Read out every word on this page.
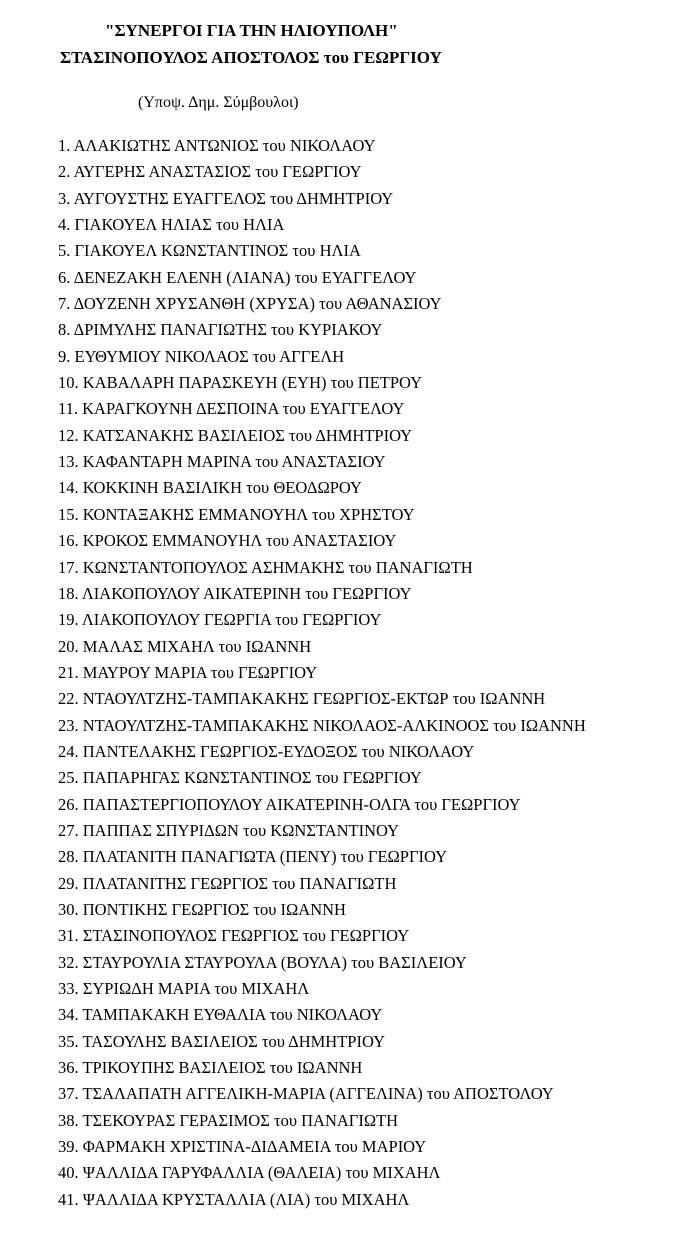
"ΣΥΝΕΡΓΟΙ ΓΙΑ ΤΗΝ ΗΛΙΟΥΠΟΛΗ"
ΣΤΑΣΙΝΟΠΟΥΛΟΣ ΑΠΟΣΤΟΛΟΣ του ΓΕΩΡΓΙΟΥ
(Υποψ. Δημ. Σύμβουλοι)
1. ΑΛΑΚΙΩΤΗΣ ΑΝΤΩΝΙΟΣ του ΝΙΚΟΛΑΟΥ
2. ΑΥΓΕΡΗΣ ΑΝΑΣΤΑΣΙΟΣ του ΓΕΩΡΓΙΟΥ
3. ΑΥΓΟΥΣΤΗΣ ΕΥΑΓΓΕΛΟΣ του ΔΗΜΗΤΡΙΟΥ
4. ΓΙΑΚΟΥΕΛ ΗΛΙΑΣ του ΗΛΙΑ
5. ΓΙΑΚΟΥΕΛ ΚΩΝΣΤΑΝΤΙΝΟΣ του ΗΛΙΑ
6. ΔΕΝΕΖΑΚΗ ΕΛΕΝΗ (ΛΙΑΝΑ) του ΕΥΑΓΓΕΛΟΥ
7. ΔΟΥΖΕΝΗ ΧΡΥΣΑΝΘΗ (ΧΡΥΣΑ) του ΑΘΑΝΑΣΙΟΥ
8. ΔΡΙΜΥΛΗΣ ΠΑΝΑΓΙΩΤΗΣ του ΚΥΡΙΑΚΟΥ
9. ΕΥΘΥΜΙΟΥ ΝΙΚΟΛΑΟΣ του ΑΓΓΕΛΗ
10. ΚΑΒΑΛΑΡΗ ΠΑΡΑΣΚΕΥΗ (ΕΥΗ) του ΠΕΤΡΟΥ
11. ΚΑΡΑΓΚΟΥΝΗ ΔΕΣΠΟΙΝΑ του ΕΥΑΓΓΕΛΟΥ
12. ΚΑΤΣΑΝΑΚΗΣ ΒΑΣΙΛΕΙΟΣ του ΔΗΜΗΤΡΙΟΥ
13. ΚΑΦΑΝΤΑΡΗ ΜΑΡΙΝΑ του ΑΝΑΣΤΑΣΙΟΥ
14. ΚΟΚΚΙΝΗ ΒΑΣΙΛΙΚΗ του ΘΕΟΔΩΡΟΥ
15. ΚΟΝΤΑΞΑΚΗΣ ΕΜΜΑΝΟΥΗΛ του ΧΡΗΣΤΟΥ
16. ΚΡΟΚΟΣ ΕΜΜΑΝΟΥΗΛ του ΑΝΑΣΤΑΣΙΟΥ
17. ΚΩΝΣΤΑΝΤΟΠΟΥΛΟΣ ΑΣΗΜΑΚΗΣ του ΠΑΝΑΓΙΩΤΗ
18. ΛΙΑΚΟΠΟΥΛΟΥ ΑΙΚΑΤΕΡΙΝΗ του ΓΕΩΡΓΙΟΥ
19. ΛΙΑΚΟΠΟΥΛΟΥ ΓΕΩΡΓΙΑ του ΓΕΩΡΓΙΟΥ
20. ΜΑΛΑΣ ΜΙΧΑΗΛ του ΙΩΑΝΝΗ
21. ΜΑΥΡΟΥ ΜΑΡΙΑ του ΓΕΩΡΓΙΟΥ
22. ΝΤΑΟΥΛΤΖΗΣ-ΤΑΜΠΑΚΑΚΗΣ ΓΕΩΡΓΙΟΣ-ΕΚΤΩΡ του ΙΩΑΝΝΗ
23. ΝΤΑΟΥΛΤΖΗΣ-ΤΑΜΠΑΚΑΚΗΣ ΝΙΚΟΛΑΟΣ-ΑΛΚΙΝΟΟΣ του ΙΩΑΝΝΗ
24. ΠΑΝΤΕΛΑΚΗΣ ΓΕΩΡΓΙΟΣ-ΕΥΔΟΞΟΣ του ΝΙΚΟΛΑΟΥ
25. ΠΑΠΑΡΗΓΑΣ ΚΩΝΣΤΑΝΤΙΝΟΣ του ΓΕΩΡΓΙΟΥ
26. ΠΑΠΑΣΤΕΡΓΙΟΠΟΥΛΟΥ ΑΙΚΑΤΕΡΙΝΗ-ΟΛΓΑ του ΓΕΩΡΓΙΟΥ
27. ΠΑΠΠΑΣ ΣΠΥΡΙΔΩΝ του ΚΩΝΣΤΑΝΤΙΝΟΥ
28. ΠΛΑΤΑΝΙΤΗ ΠΑΝΑΓΙΩΤΑ (ΠΕΝΥ) του ΓΕΩΡΓΙΟΥ
29. ΠΛΑΤΑΝΙΤΗΣ ΓΕΩΡΓΙΟΣ του ΠΑΝΑΓΙΩΤΗ
30. ΠΟΝΤΙΚΗΣ ΓΕΩΡΓΙΟΣ του ΙΩΑΝΝΗ
31. ΣΤΑΣΙΝΟΠΟΥΛΟΣ ΓΕΩΡΓΙΟΣ του ΓΕΩΡΓΙΟΥ
32. ΣΤΑΥΡΟΥΛΙΑ ΣΤΑΥΡΟΥΛΑ (ΒΟΥΛΑ) του ΒΑΣΙΛΕΙΟΥ
33. ΣΥΡΙΩΔΗ ΜΑΡΙΑ του ΜΙΧΑΗΛ
34. ΤΑΜΠΑΚΑΚΗ ΕΥΘΑΛΙΑ του ΝΙΚΟΛΑΟΥ
35. ΤΑΣΟΥΛΗΣ ΒΑΣΙΛΕΙΟΣ του ΔΗΜΗΤΡΙΟΥ
36. ΤΡΙΚΟΥΠΗΣ ΒΑΣΙΛΕΙΟΣ του ΙΩΑΝΝΗ
37. ΤΣΑΛΑΠΑΤΗ ΑΓΓΕΛΙΚΗ-ΜΑΡΙΑ (ΑΓΓΕΛΙΝΑ) του ΑΠΟΣΤΟΛΟΥ
38. ΤΣΕΚΟΥΡΑΣ ΓΕΡΑΣΙΜΟΣ του ΠΑΝΑΓΙΩΤΗ
39. ΦΑΡΜΑΚΗ ΧΡΙΣΤΙΝΑ-ΔΙΔΑΜΕΙΑ του ΜΑΡΙΟΥ
40. ΨΑΛΛΙΔΑ ΓΑΡΥΦΑΛΛΙΑ (ΘΑΛΕΙΑ) του ΜΙΧΑΗΛ
41. ΨΑΛΛΙΔΑ ΚΡΥΣΤΑΛΛΙΑ (ΛΙΑ) του ΜΙΧΑΗΛ
